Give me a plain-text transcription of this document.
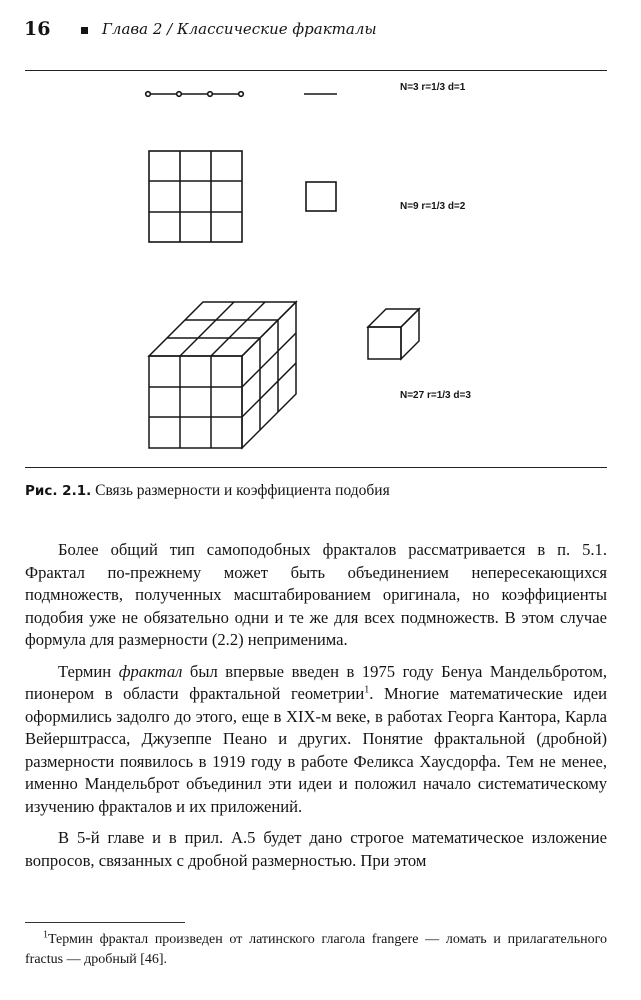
16	Глава 2 / Классические фракталы
N=3 r=1/3 d=1
N=9 r=1/3 d=2
N=27 r=1/3 d=3
Рис. 2.1. Связь размерности и коэффициента подобия

Более общий тип самоподобных фракталов рассматривается в п. 5.1. Фрактал по-прежнему может быть объединением непересекающихся подмножеств, полученных масштабированием оригинала, но коэффициенты подобия уже не обязательно одни и те же для всех подмножеств. В этом случае формула для размерности (2.2) неприменима.

Термин фрактал был впервые введен в 1975 году Бенуа Мандельбротом, пионером в области фрактальной геометрии$^1$. Многие математические идеи оформились задолго до этого, еще в XIX-м веке, в работах Георга Кантора, Карла Вейерштрасса, Джузеппе Пеано и других. Понятие фрактальной (дробной) размерности появилось в 1919 году в работе Феликса Хаусдорфа. Тем не менее, именно Мандельброт объединил эти идеи и положил начало систематическому изучению фракталов и их приложений.

В 5-й главе и в прил. А.5 будет дано строгое математическое изложение вопросов, связанных с дробной размерностью. При этом

$^1$Термин фрактал произведен от латинского глагола frangere — ломать и прилагательного fractus — дробный [46].
